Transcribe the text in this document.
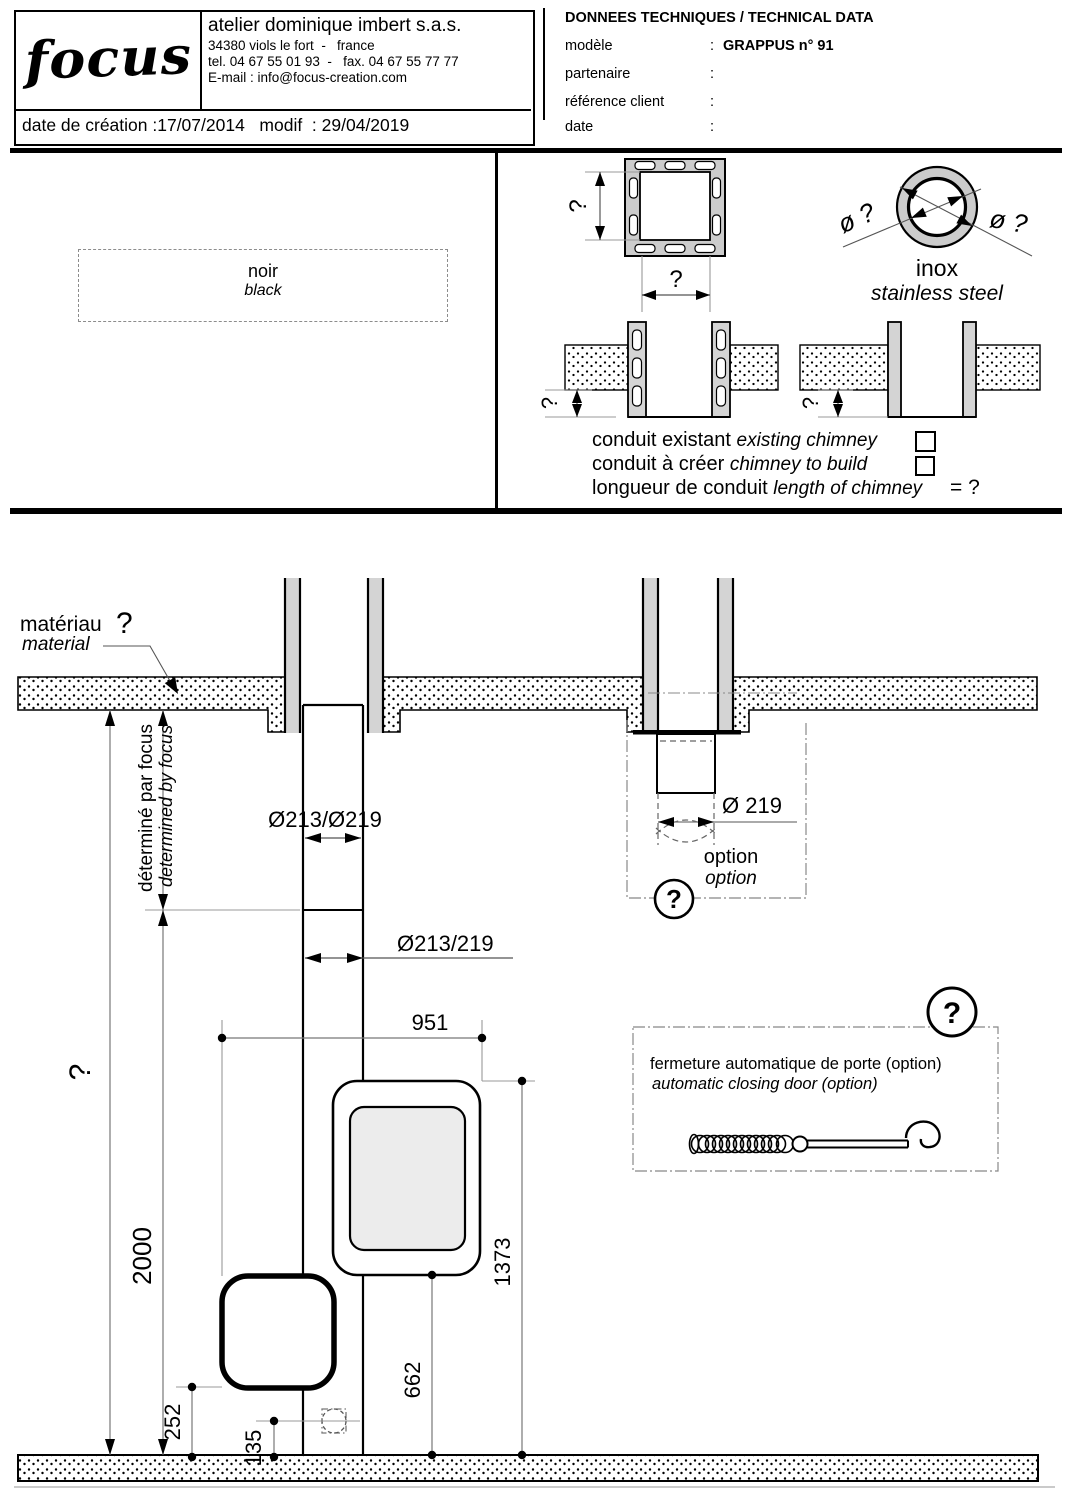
focus atelier dominique imbert s.a.s.
34380 viols le fort  -   france
tel. 04 67 55 01 93  -   fax. 04 67 55 77 77
E-mail : info@focus-creation.com
date de création :17/07/2014   modif  : 29/04/2019
DONNEES TECHNIQUES / TECHNICAL DATA
modèle	: GRAPPUS n° 91
partenaire	:
référence client	:
date	:
noir
black
?
?
ø ?	ø ?
inox
stainless steel
?	?
conduit existant existing chimney
conduit à créer chimney to build
longueur de conduit length of chimney = ?
matériau ?
material
?
déterminé par focus determined by focus
2000
Ø213/Ø219
Ø213/219
951
1373
662
252
135
Ø 219
option
option
?
?
fermeture automatique de porte (option)
automatic closing door (option)
